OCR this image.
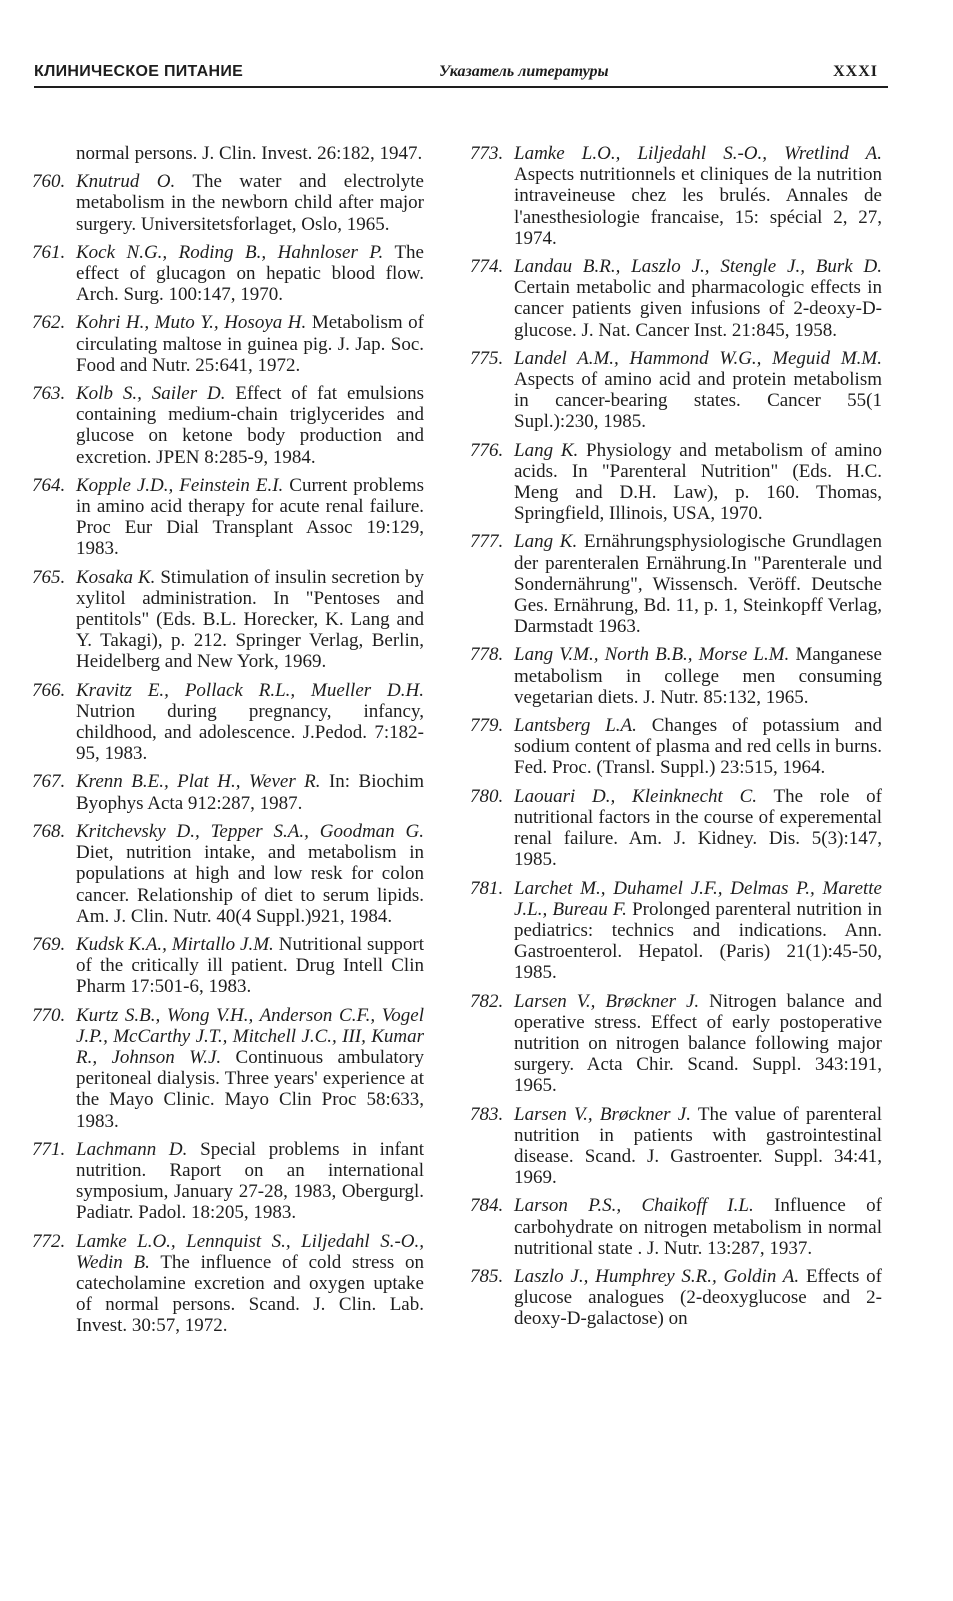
КЛИНИЧЕСКОЕ ПИТАНИЕ	Указатель литературы	XXXI
normal persons. J. Clin. Invest. 26:182, 1947.
760. Knutrud O. The water and electrolyte metabolism in the newborn child after major surgery. Universitetsforlaget, Oslo, 1965.
761. Kock N.G., Roding B., Hahnloser P. The effect of glucagon on hepatic blood flow. Arch. Surg. 100:147, 1970.
762. Kohri H., Muto Y., Hosoya H. Metabolism of circulating maltose in guinea pig. J. Jap. Soc. Food and Nutr. 25:641, 1972.
763. Kolb S., Sailer D. Effect of fat emulsions containing medium-chain triglycerides and glucose on ketone body production and excretion. JPEN 8:285-9, 1984.
764. Kopple J.D., Feinstein E.I. Current problems in amino acid therapy for acute renal failure. Proc Eur Dial Transplant Assoc 19:129, 1983.
765. Kosaka K. Stimulation of insulin secretion by xylitol administration. In "Pentoses and pentitols" (Eds. B.L. Horecker, K. Lang and Y. Takagi), p. 212. Springer Verlag, Berlin, Heidelberg and New York, 1969.
766. Kravitz E., Pollack R.L., Mueller D.H. Nutrion during pregnancy, infancy, childhood, and adolescence. J.Pedod. 7:182-95, 1983.
767. Krenn B.E., Plat H., Wever R. In: Biochim Byophys Acta 912:287, 1987.
768. Kritchevsky D., Tepper S.A., Goodman G. Diet, nutrition intake, and metabolism in populations at high and low resk for colon cancer. Relationship of diet to serum lipids. Am. J. Clin. Nutr. 40(4 Suppl.)921, 1984.
769. Kudsk K.A., Mirtallo J.M. Nutritional support of the critically ill patient. Drug Intell Clin Pharm 17:501-6, 1983.
770. Kurtz S.B., Wong V.H., Anderson C.F., Vogel J.P., McCarthy J.T., Mitchell J.C., III, Kumar R., Johnson W.J. Continuous ambulatory peritoneal dialysis. Three years' experience at the Mayo Clinic. Mayo Clin Proc 58:633, 1983.
771. Lachmann D. Special problems in infant nutrition. Raport on an international symposium, January 27-28, 1983, Obergurgl. Padiatr. Padol. 18:205, 1983.
772. Lamke L.O., Lennquist S., Liljedahl S.-O., Wedin B. The influence of cold stress on catecholamine excretion and oxygen uptake of normal persons. Scand. J. Clin. Lab. Invest. 30:57, 1972.
773. Lamke L.O., Liljedahl S.-O., Wretlind A. Aspects nutritionnels et cliniques de la nutrition intraveineuse chez les brulés. Annales de l'anesthesiologie francaise, 15: spécial 2, 27, 1974.
774. Landau B.R., Laszlo J., Stengle J., Burk D. Certain metabolic and pharmacologic effects in cancer patients given infusions of 2-deoxy-D-glucose. J. Nat. Cancer Inst. 21:845, 1958.
775. Landel A.M., Hammond W.G., Meguid M.M. Aspects of amino acid and protein metabolism in cancer-bearing states. Cancer 55(1 Supl.):230, 1985.
776. Lang K. Physiology and metabolism of amino acids. In "Parenteral Nutrition" (Eds. H.C. Meng and D.H. Law), p. 160. Thomas, Springfield, Illinois, USA, 1970.
777. Lang K. Ernährungsphysiologische Grundlagen der parenteralen Ernährung.In "Parenterale und Sondernährung", Wissensch. Veröff. Deutsche Ges. Ernährung, Bd. 11, p. 1, Steinkopff Verlag, Darmstadt 1963.
778. Lang V.M., North B.B., Morse L.M. Manganese metabolism in college men consuming vegetarian diets. J. Nutr. 85:132, 1965.
779. Lantsberg L.A. Changes of potassium and sodium content of plasma and red cells in burns. Fed. Proc. (Transl. Suppl.) 23:515, 1964.
780. Laouari D., Kleinknecht C. The role of nutritional factors in the course of experemental renal failure. Am. J. Kidney. Dis. 5(3):147, 1985.
781. Larchet M., Duhamel J.F., Delmas P., Marette J.L., Bureau F. Prolonged parenteral nutrition in pediatrics: technics and indications. Ann. Gastroenterol. Hepatol. (Paris) 21(1):45-50, 1985.
782. Larsen V., Brøckner J. Nitrogen balance and operative stress. Effect of early postoperative nutrition on nitrogen balance following major surgery. Acta Chir. Scand. Suppl. 343:191, 1965.
783. Larsen V., Brøckner J. The value of parenteral nutrition in patients with gastrointestinal disease. Scand. J. Gastroenter. Suppl. 34:41, 1969.
784. Larson P.S., Chaikoff I.L. Influence of carbohydrate on nitrogen metabolism in normal nutritional state . J. Nutr. 13:287, 1937.
785. Laszlo J., Humphrey S.R., Goldin A. Effects of glucose analogues (2-deoxyglucose and 2-deoxy-D-galactose) on
